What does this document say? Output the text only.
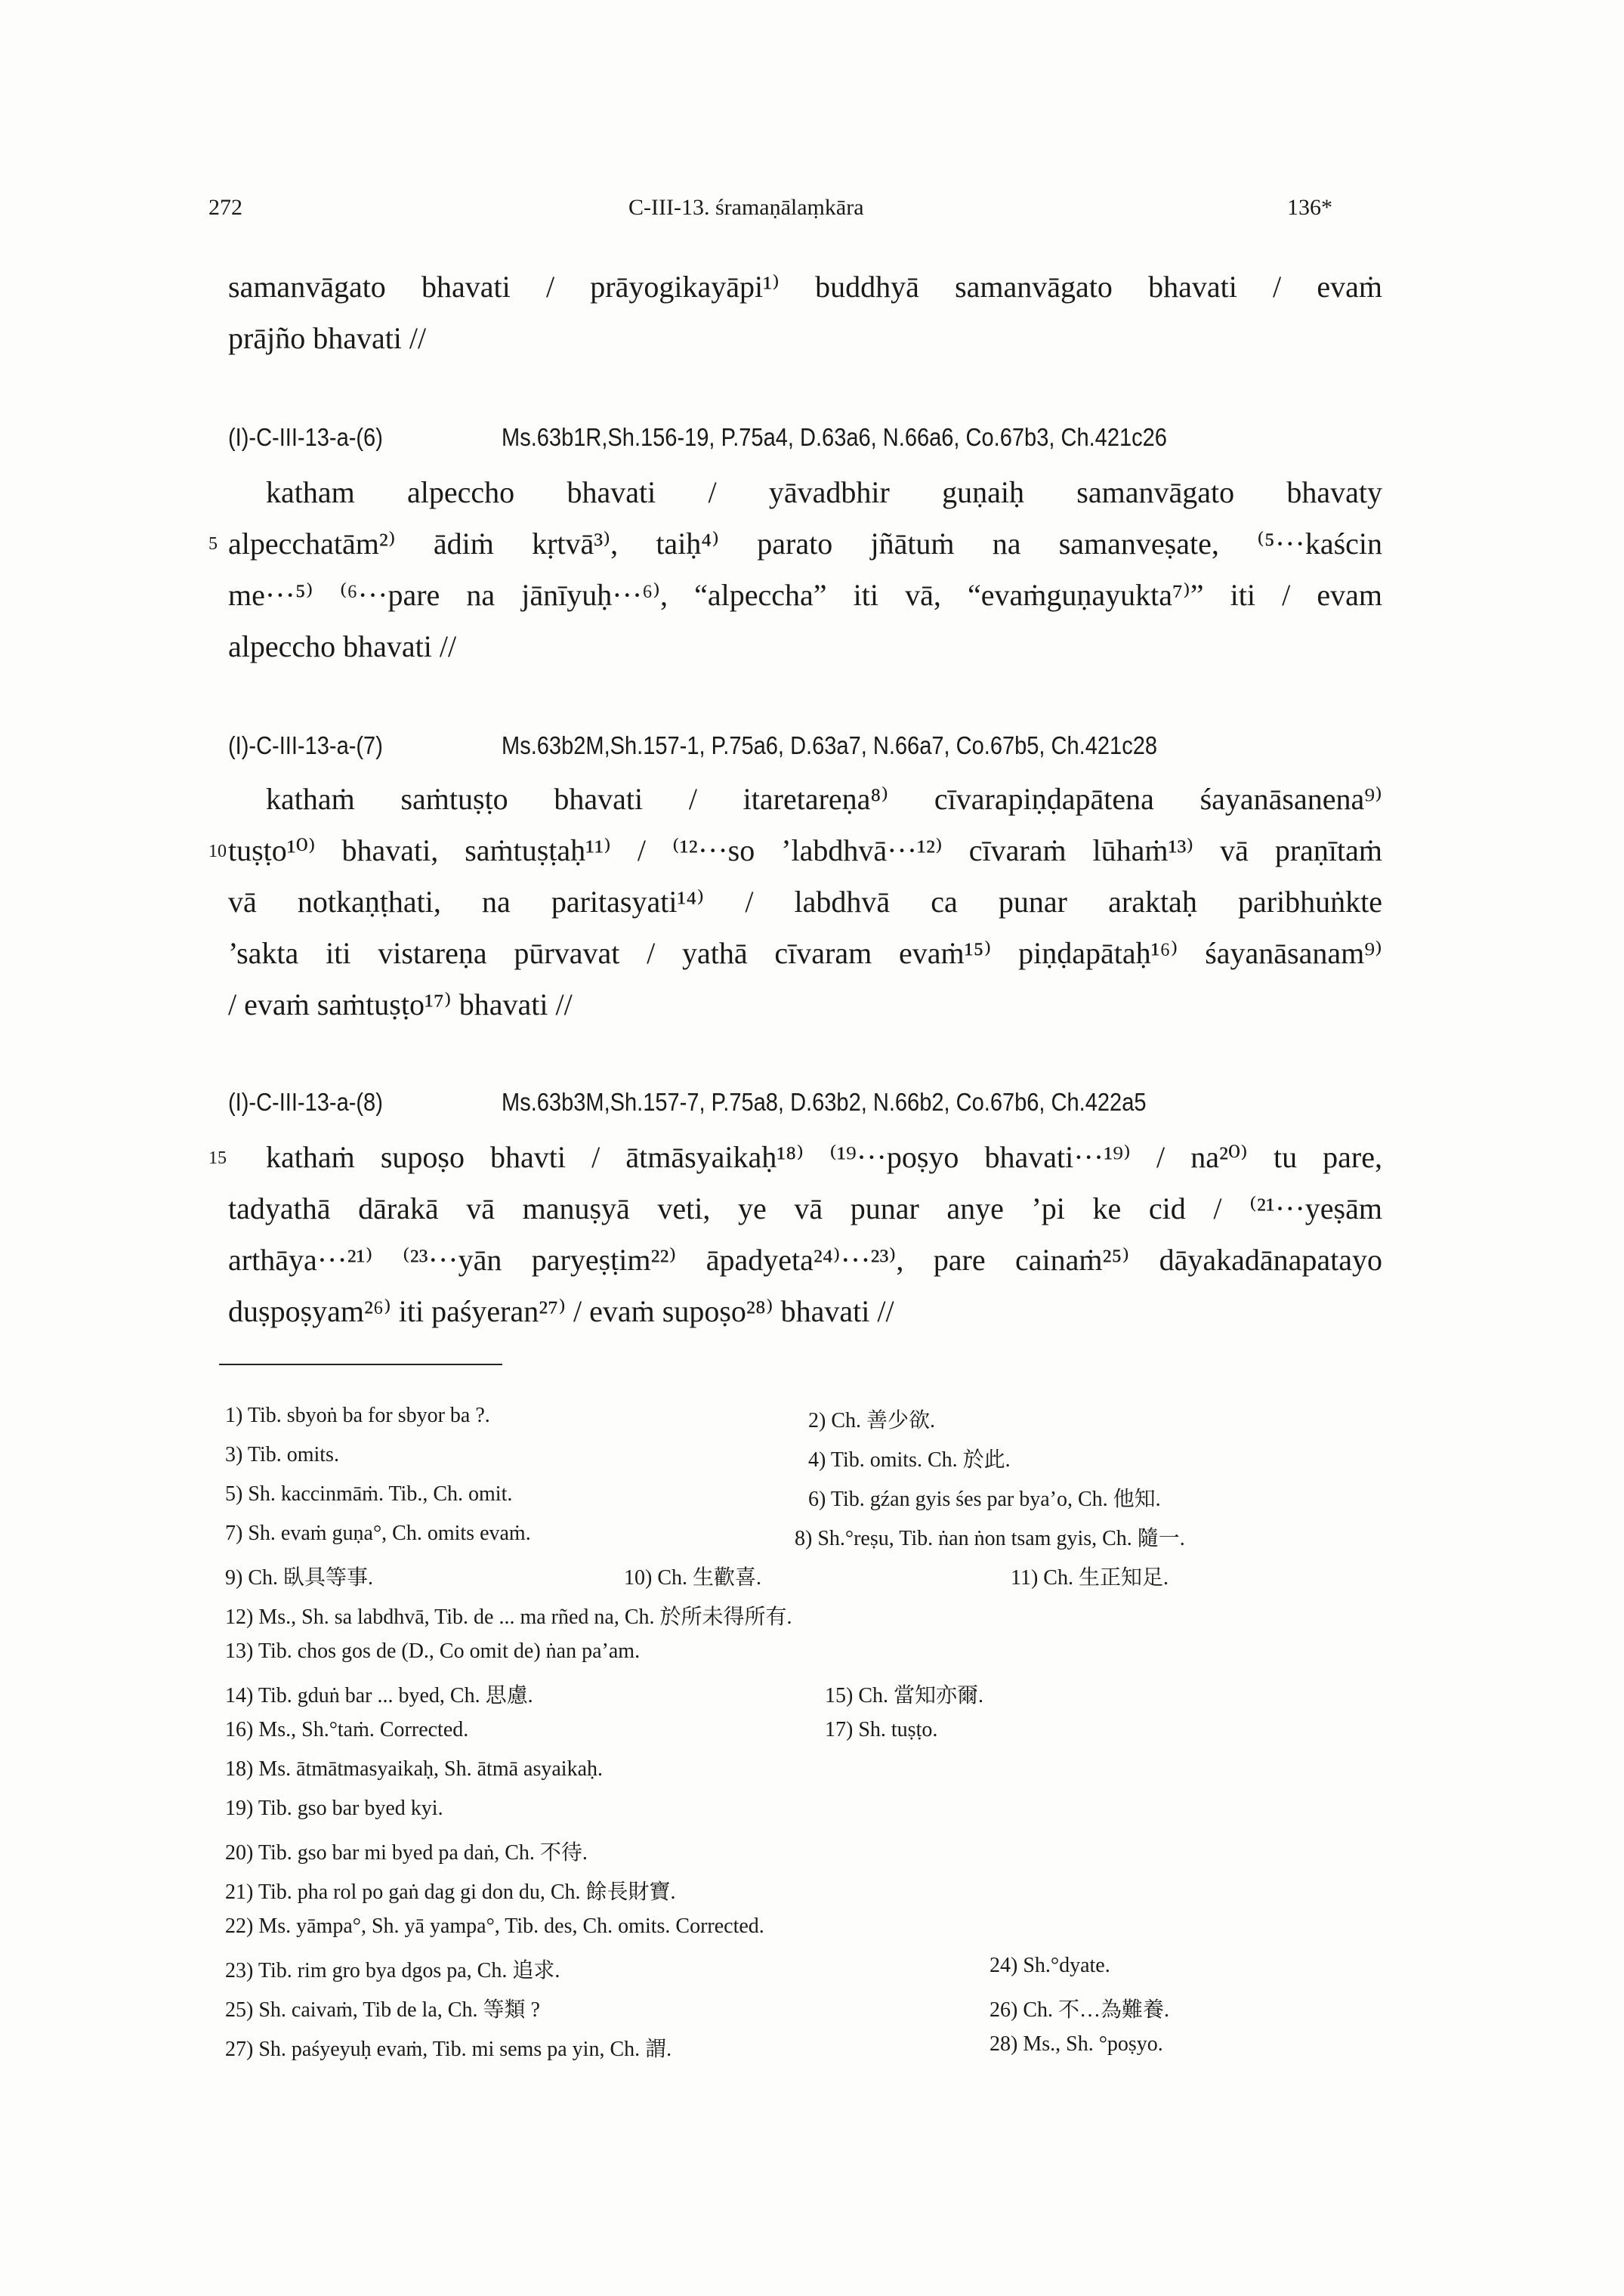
272	C-III-13. śramaṇālaṃkāra	136*
samanvāgato bhavati / prāyogikayāpi¹⁾ buddhyā samanvāgato bhavati / evaṁ
prājño bhavati //
(I)-C-III-13-a-(6)	Ms.63b1R,Sh.156-19, P.75a4, D.63a6, N.66a6, Co.67b3, Ch.421c26
katham alpeccho bhavati / yāvadbhir guṇaiḥ samanvāgato bhavaty
5 alpecchatām²⁾ ādiṁ kṛtvā³⁾, taiḥ⁴⁾ parato jñātuṁ na samanveṣate, ⁽⁵···kaścin
me···⁵⁾ ⁽⁶···pare na jānīyuḥ···⁶⁾, “alpeccha” iti vā, “evaṁguṇayukta⁷⁾” iti / evam
alpeccho bhavati //
(I)-C-III-13-a-(7)	Ms.63b2M,Sh.157-1, P.75a6, D.63a7, N.66a7, Co.67b5, Ch.421c28
kathaṁ saṁtuṣṭo bhavati / itaretareṇa⁸⁾ cīvarapiṇḍapātena śayanāsanena⁹⁾
10 tuṣṭo¹⁰⁾ bhavati, saṁtuṣṭaḥ¹¹⁾ / ⁽¹²···so ’labdhvā···¹²⁾ cīvaraṁ lūhaṁ¹³⁾ vā praṇītaṁ
vā notkaṇṭhati, na paritasyati¹⁴⁾ / labdhvā ca punar araktaḥ paribhuṅkte
’sakta iti vistareṇa pūrvavat / yathā cīvaram evaṁ¹⁵⁾ piṇḍapātaḥ¹⁶⁾ śayanāsanam⁹⁾
/ evaṁ saṁtuṣṭo¹⁷⁾ bhavati //
(I)-C-III-13-a-(8)	Ms.63b3M,Sh.157-7, P.75a8, D.63b2, N.66b2, Co.67b6, Ch.422a5
15 kathaṁ supoṣo bhavti / ātmāsyaikaḥ¹⁸⁾ ⁽¹⁹···poṣyo bhavati···¹⁹⁾ / na²⁰⁾ tu pare,
tadyathā dārakā vā manuṣyā veti, ye vā punar anye ’pi ke cid / ⁽²¹···yeṣām
arthāya···²¹⁾ ⁽²³···yān paryeṣṭim²²⁾ āpadyeta²⁴⁾···²³⁾, pare cainaṁ²⁵⁾ dāyakadānapatayo
duṣpoṣyam²⁶⁾ iti paśyeran²⁷⁾ / evaṁ supoṣo²⁸⁾ bhavati //
1) Tib. sbyoṅ ba for sbyor ba ?.	2) Ch. 善少欲.
3) Tib. omits.	4) Tib. omits. Ch. 於此.
5) Sh. kaccinmāṁ. Tib., Ch. omit.	6) Tib. gźan gyis śes par bya’o, Ch. 他知.
7) Sh. evaṁ guṇa°, Ch. omits evaṁ.	8) Sh.°reṣu, Tib. ṅan ṅon tsam gyis, Ch. 隨一.
9) Ch. 臥具等事.	10) Ch. 生歡喜.	11) Ch. 生正知足.
12) Ms., Sh. sa labdhvā, Tib. de ... ma rñed na, Ch. 於所未得所有.
13) Tib. chos gos de (D., Co omit de) ṅan pa’am.
14) Tib. gduṅ bar ... byed, Ch. 思慮.	15) Ch. 當知亦爾.
16) Ms., Sh.°taṁ. Corrected.	17) Sh. tuṣṭo.
18) Ms. ātmātmasyaikaḥ, Sh. ātmā asyaikaḥ.
19) Tib. gso bar byed kyi.
20) Tib. gso bar mi byed pa daṅ, Ch. 不待.
21) Tib. pha rol po gaṅ dag gi don du, Ch. 餘長財寶.
22) Ms. yāmpa°, Sh. yā yampa°, Tib. des, Ch. omits. Corrected.
23) Tib. rim gro bya dgos pa, Ch. 追求.	24) Sh.°dyate.
25) Sh. caivaṁ, Tib de la, Ch. 等類 ?	26) Ch. 不…為難養.
27) Sh. paśyeyuḥ evaṁ, Tib. mi sems pa yin, Ch. 謂.	28) Ms., Sh. °poṣyo.
